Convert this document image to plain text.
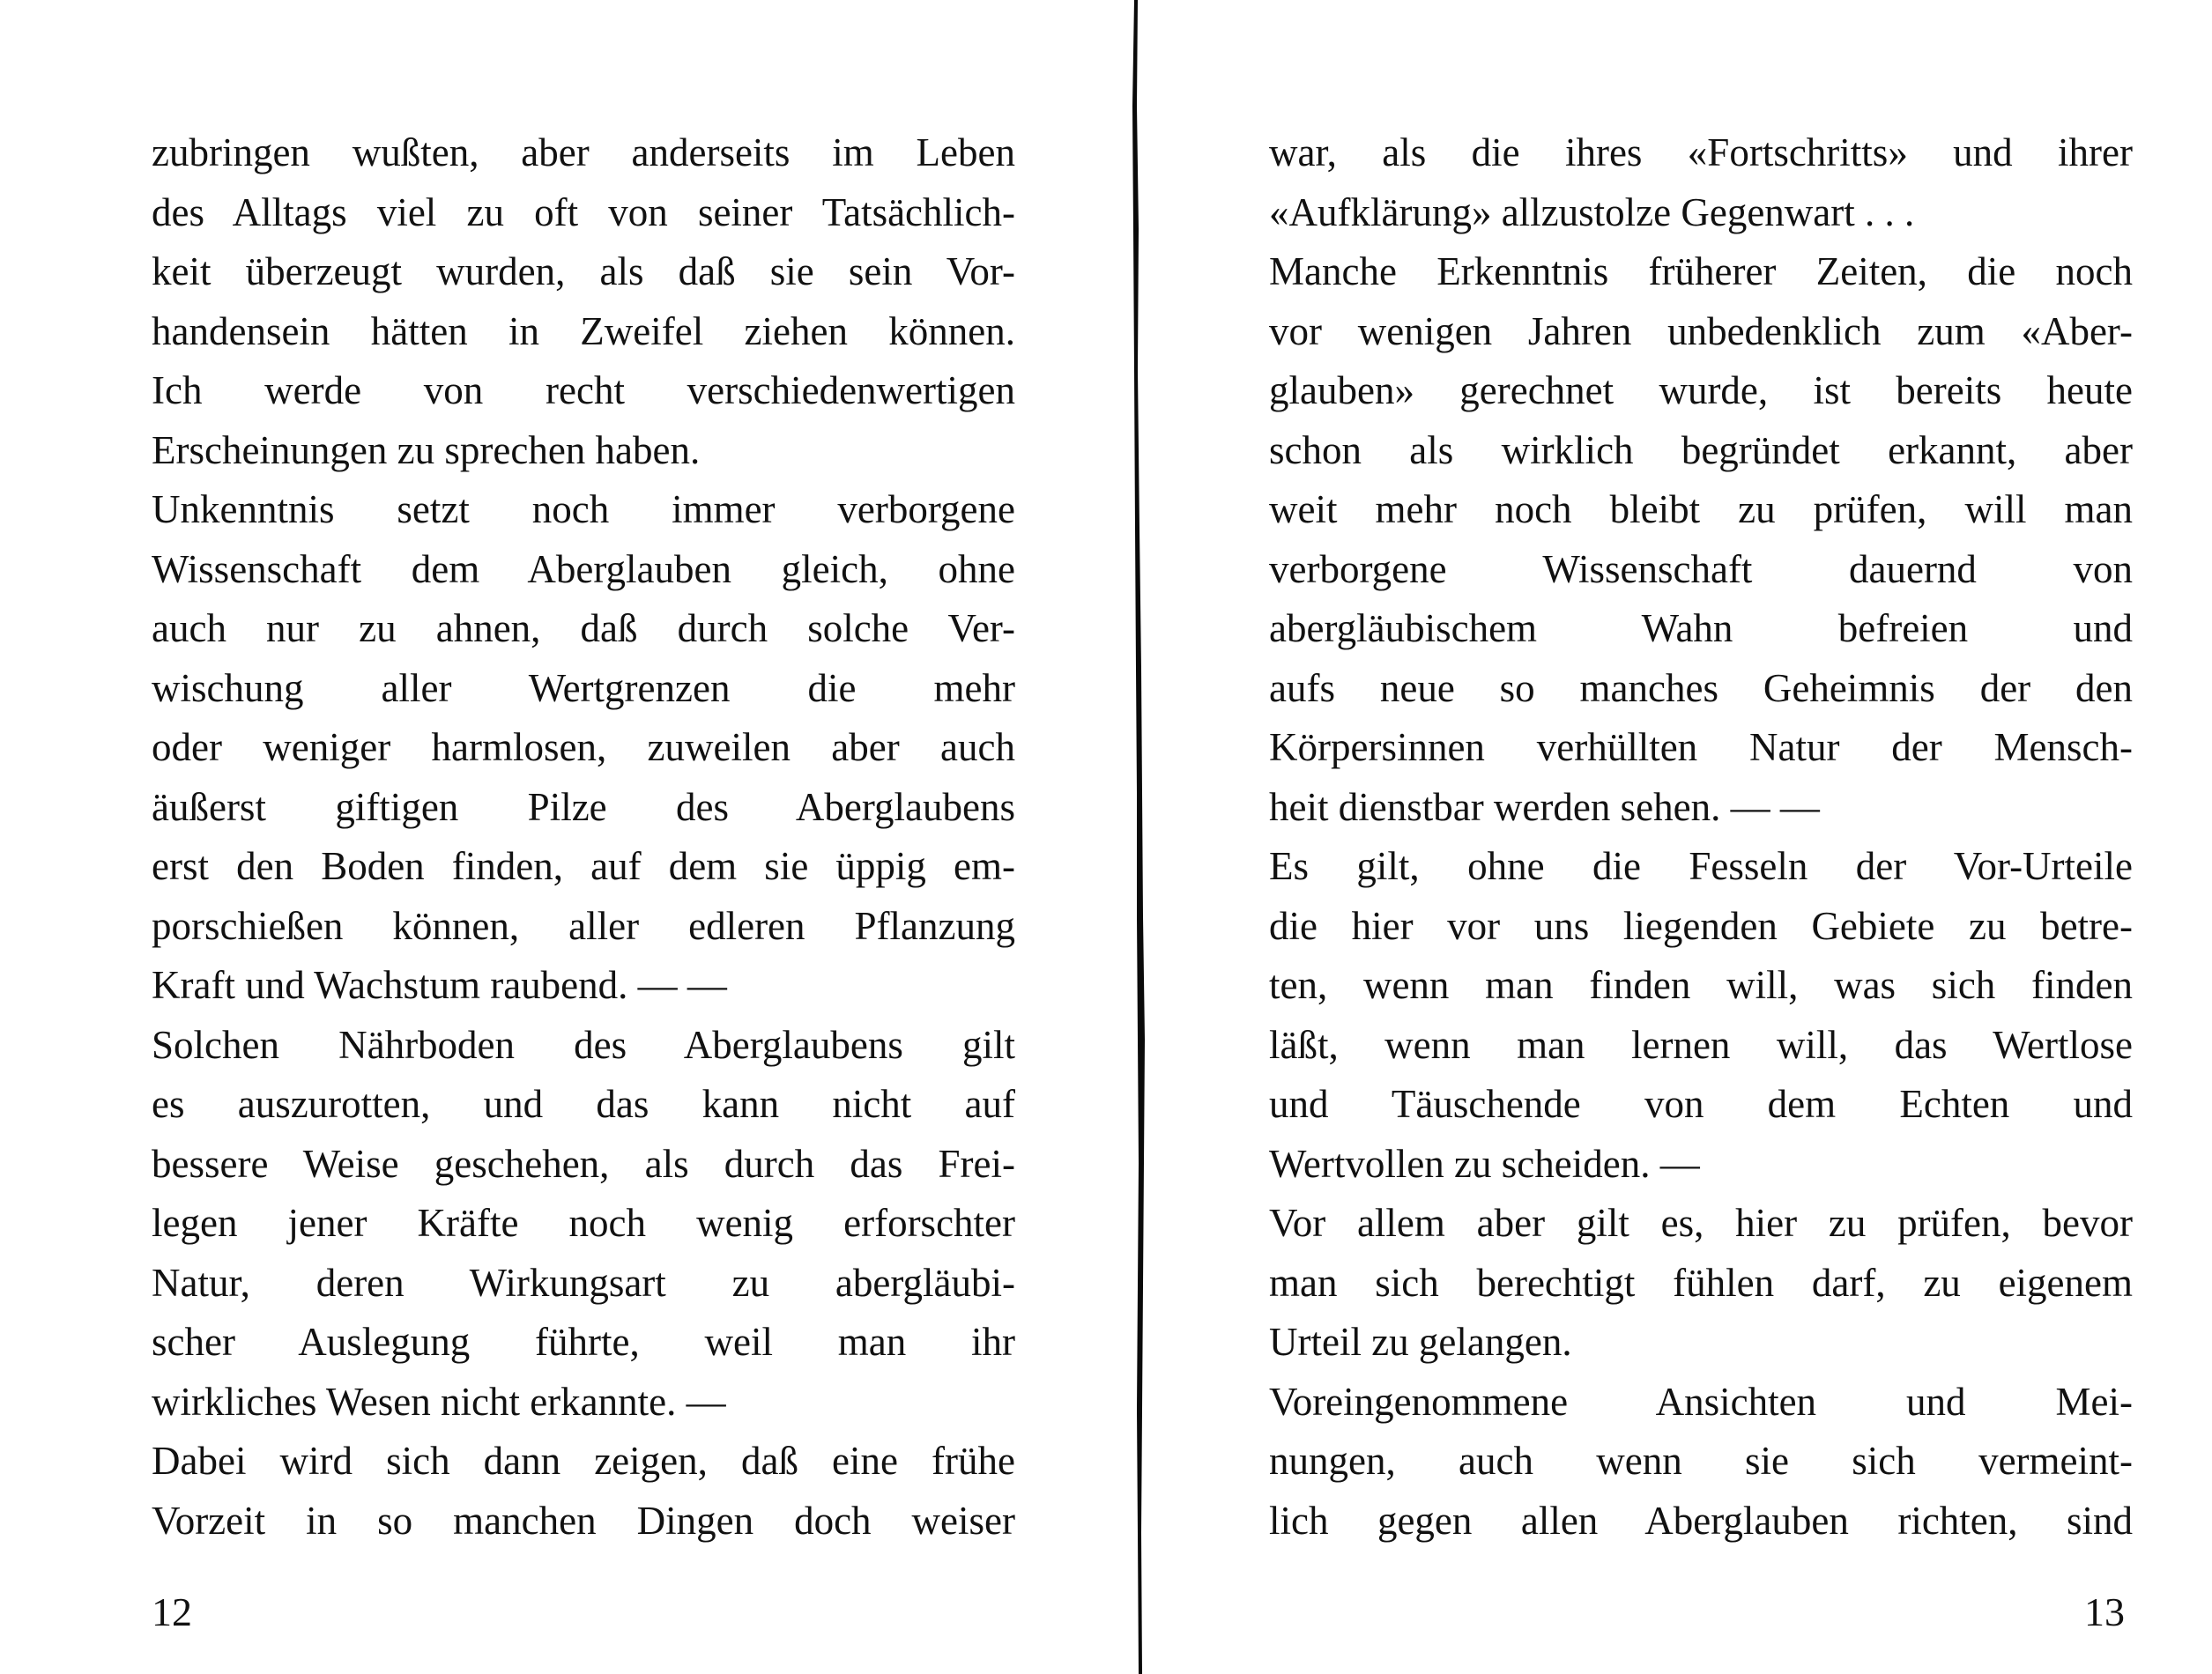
zubringen wußten, aber anderseits im Leben
des Alltags viel zu oft von seiner Tatsächlich-
keit überzeugt wurden, als daß sie sein Vor-
handensein hätten in Zweifel ziehen können.
Ich werde von recht verschiedenwertigen
Erscheinungen zu sprechen haben.
Unkenntnis setzt noch immer verborgene
Wissenschaft dem Aberglauben gleich, ohne
auch nur zu ahnen, daß durch solche Ver-
wischung aller Wertgrenzen die mehr
oder weniger harmlosen, zuweilen aber auch
äußerst giftigen Pilze des Aberglaubens
erst den Boden finden, auf dem sie üppig em-
porschießen können, aller edleren Pflanzung
Kraft und Wachstum raubend. — —
Solchen Nährboden des Aberglaubens gilt
es auszurotten, und das kann nicht auf
bessere Weise geschehen, als durch das Frei-
legen jener Kräfte noch wenig erforschter
Natur, deren Wirkungsart zu abergläubi-
scher Auslegung führte, weil man ihr
wirkliches Wesen nicht erkannte. —
Dabei wird sich dann zeigen, daß eine frühe
Vorzeit in so manchen Dingen doch weiser
war, als die ihres «Fortschritts» und ihrer
«Aufklärung» allzustolze Gegenwart . . .
Manche Erkenntnis früherer Zeiten, die noch
vor wenigen Jahren unbedenklich zum «Aber-
glauben» gerechnet wurde, ist bereits heute
schon als wirklich begründet erkannt, aber
weit mehr noch bleibt zu prüfen, will man
verborgene Wissenschaft dauernd von
abergläubischem Wahn befreien und
aufs neue so manches Geheimnis der den
Körpersinnen verhüllten Natur der Mensch-
heit dienstbar werden sehen. — —
Es gilt, ohne die Fesseln der Vor-Urteile
die hier vor uns liegenden Gebiete zu betre-
ten, wenn man finden will, was sich finden
läßt, wenn man lernen will, das Wertlose
und Täuschende von dem Echten und
Wertvollen zu scheiden. —
Vor allem aber gilt es, hier zu prüfen, bevor
man sich berechtigt fühlen darf, zu eigenem
Urteil zu gelangen.
Voreingenommene Ansichten und Mei-
nungen, auch wenn sie sich vermeint-
lich gegen allen Aberglauben richten, sind
12	13
